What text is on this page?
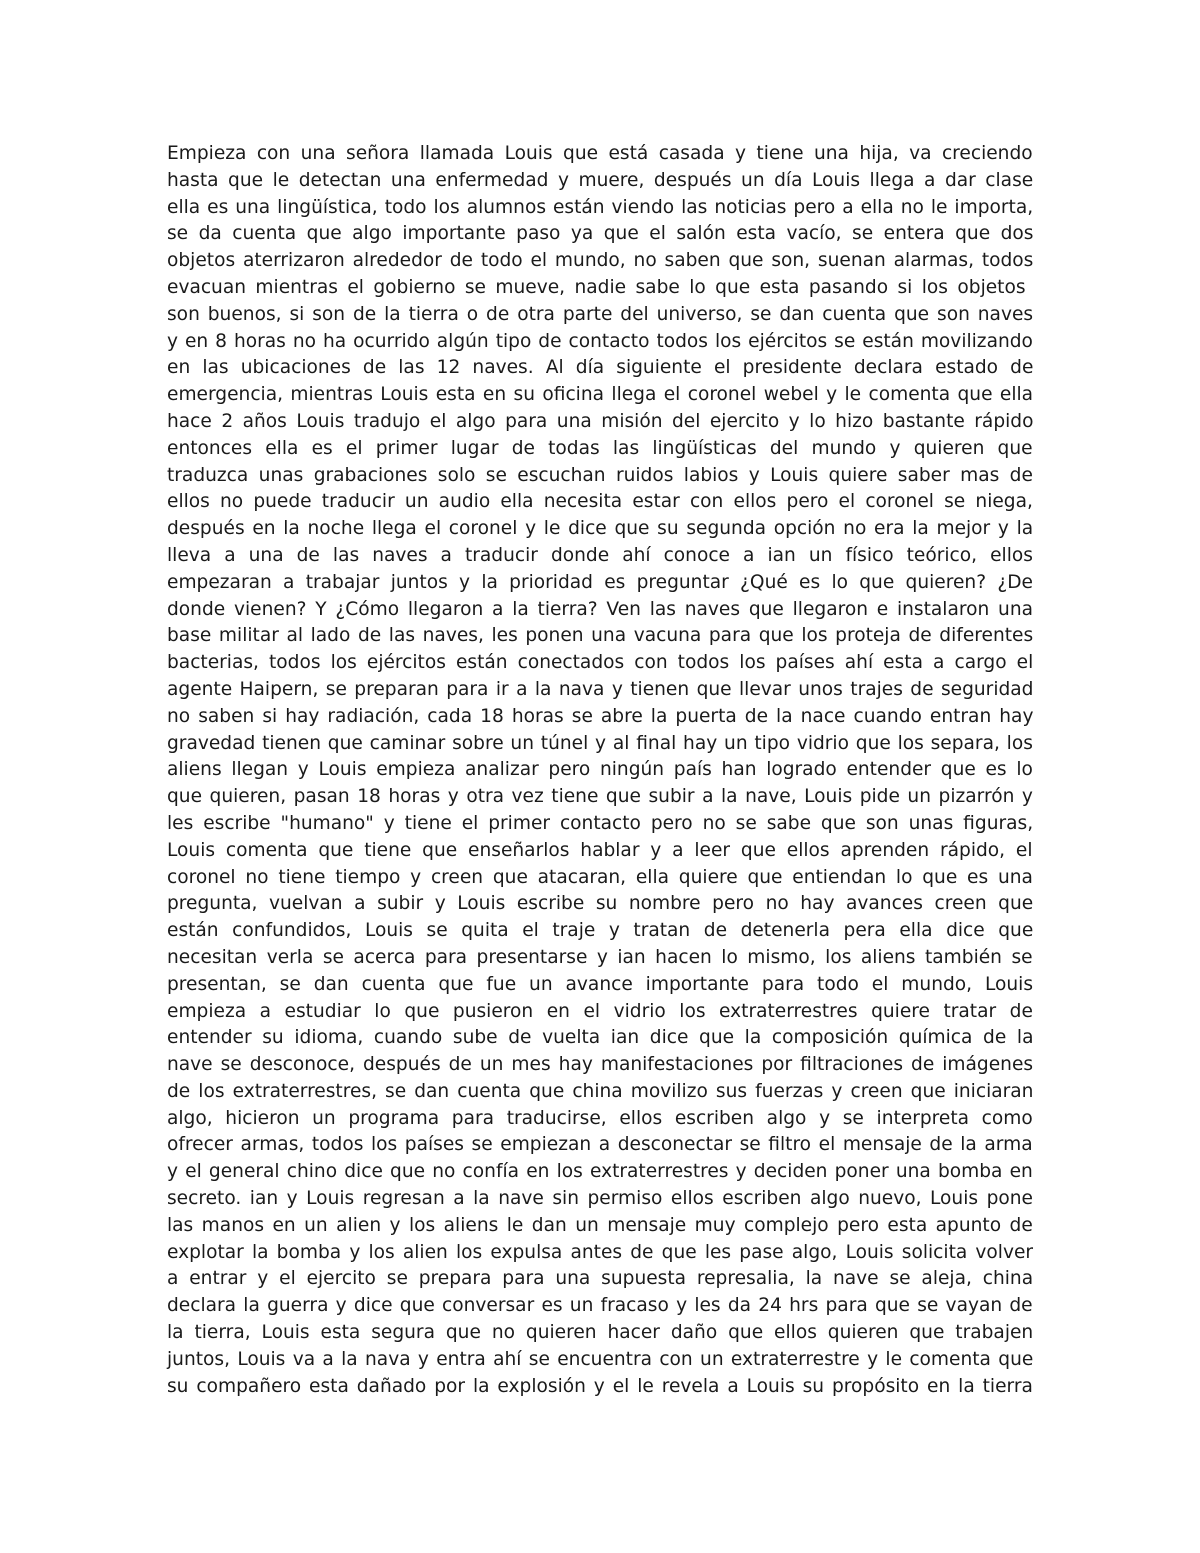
Empieza con una señora llamada Louis que está casada y tiene una hija, va creciendo
hasta que le detectan una enfermedad y muere, después un día Louis llega a dar clase
ella es una lingüística, todo los alumnos están viendo las noticias pero a ella no le importa,
se da cuenta que algo importante paso ya que el salón esta vacío, se entera que dos
objetos aterrizaron alrededor de todo el mundo, no saben que son, suenan alarmas, todos
evacuan mientras el gobierno se mueve, nadie sabe lo que esta pasando si los objetos
son buenos, si son de la tierra o de otra parte del universo, se dan cuenta que son naves
y en 8 horas no ha ocurrido algún tipo de contacto todos los ejércitos se están movilizando
en las ubicaciones de las 12 naves. Al día siguiente el presidente declara estado de
emergencia, mientras Louis esta en su oficina llega el coronel webel y le comenta que ella
hace 2 años Louis tradujo el algo para una misión del ejercito y lo hizo bastante rápido
entonces ella es el primer lugar de todas las lingüísticas del mundo y quieren que
traduzca unas grabaciones solo se escuchan ruidos labios y Louis quiere saber mas de
ellos no puede traducir un audio ella necesita estar con ellos pero el coronel se niega,
después en la noche llega el coronel y le dice que su segunda opción no era la mejor y la
lleva a una de las naves a traducir donde ahí conoce a ian un físico teórico, ellos
empezaran a trabajar juntos y la prioridad es preguntar ¿Qué es lo que quieren? ¿De
donde vienen? Y ¿Cómo llegaron a la tierra? Ven las naves que llegaron e instalaron una
base militar al lado de las naves, les ponen una vacuna para que los proteja de diferentes
bacterias, todos los ejércitos están conectados con todos los países ahí esta a cargo el
agente Haipern, se preparan para ir a la nava y tienen que llevar unos trajes de seguridad
no saben si hay radiación, cada 18 horas se abre la puerta de la nace cuando entran hay
gravedad tienen que caminar sobre un túnel y al final hay un tipo vidrio que los separa, los
aliens llegan y Louis empieza analizar pero ningún país han logrado entender que es lo
que quieren, pasan 18 horas y otra vez tiene que subir a la nave, Louis pide un pizarrón y
les escribe "humano" y tiene el primer contacto pero no se sabe que son unas figuras,
Louis comenta que tiene que enseñarlos hablar y a leer que ellos aprenden rápido, el
coronel no tiene tiempo y creen que atacaran, ella quiere que entiendan lo que es una
pregunta, vuelvan a subir y Louis escribe su nombre pero no hay avances creen que
están confundidos, Louis se quita el traje y tratan de detenerla pera ella dice que
necesitan verla se acerca para presentarse y ian hacen lo mismo, los aliens también se
presentan, se dan cuenta que fue un avance importante para todo el mundo, Louis
empieza a estudiar lo que pusieron en el vidrio los extraterrestres quiere tratar de
entender su idioma, cuando sube de vuelta ian dice que la composición química de la
nave se desconoce, después de un mes hay manifestaciones por filtraciones de imágenes
de los extraterrestres, se dan cuenta que china movilizo sus fuerzas y creen que iniciaran
algo, hicieron un programa para traducirse, ellos escriben algo y se interpreta como
ofrecer armas, todos los países se empiezan a desconectar se filtro el mensaje de la arma
y el general chino dice que no confía en los extraterrestres y deciden poner una bomba en
secreto. ian y Louis regresan a la nave sin permiso ellos escriben algo nuevo, Louis pone
las manos en un alien y los aliens le dan un mensaje muy complejo pero esta apunto de
explotar la bomba y los alien los expulsa antes de que les pase algo, Louis solicita volver
a entrar y el ejercito se prepara para una supuesta represalia, la nave se aleja, china
declara la guerra y dice que conversar es un fracaso y les da 24 hrs para que se vayan de
la tierra, Louis esta segura que no quieren hacer daño que ellos quieren que trabajen
juntos, Louis va a la nava y entra ahí se encuentra con un extraterrestre y le comenta que
su compañero esta dañado por la explosión y el le revela a Louis su propósito en la tierra
